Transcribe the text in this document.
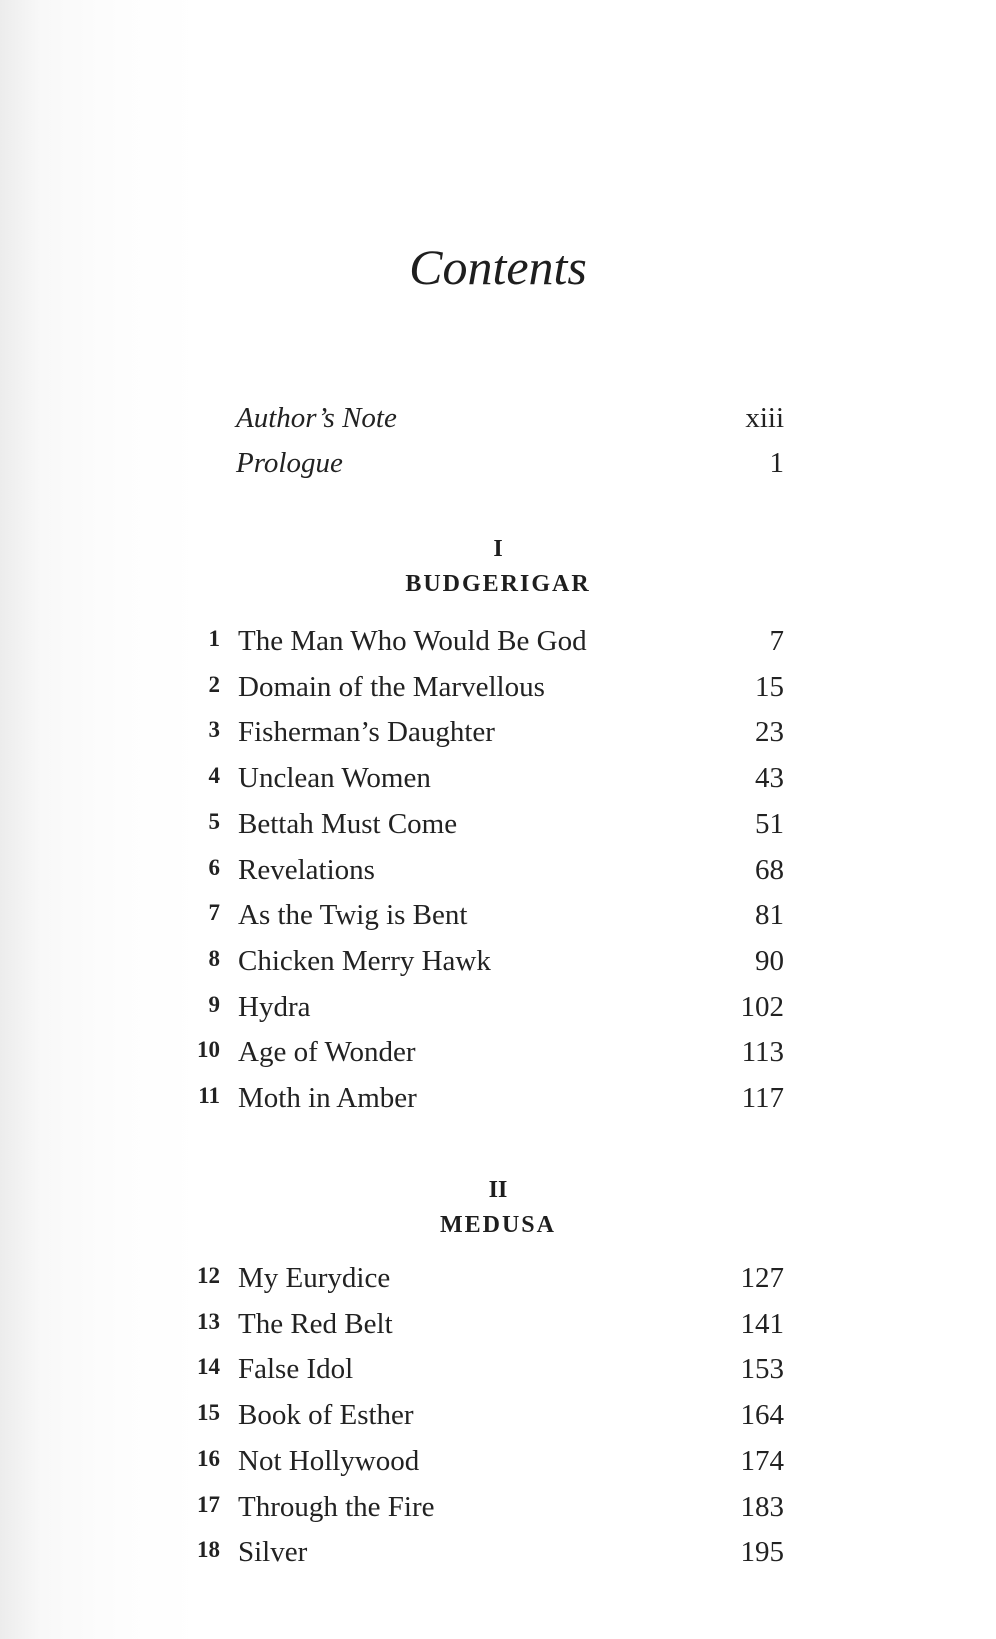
Contents
Author’s Note	xiii
Prologue	1
I
BUDGERIGAR
1 The Man Who Would Be God	7
2 Domain of the Marvellous	15
3 Fisherman’s Daughter	23
4 Unclean Women	43
5 Bettah Must Come	51
6 Revelations	68
7 As the Twig is Bent	81
8 Chicken Merry Hawk	90
9 Hydra	102
10 Age of Wonder	113
11 Moth in Amber	117
II
MEDUSA
12 My Eurydice	127
13 The Red Belt	141
14 False Idol	153
15 Book of Esther	164
16 Not Hollywood	174
17 Through the Fire	183
18 Silver	195
